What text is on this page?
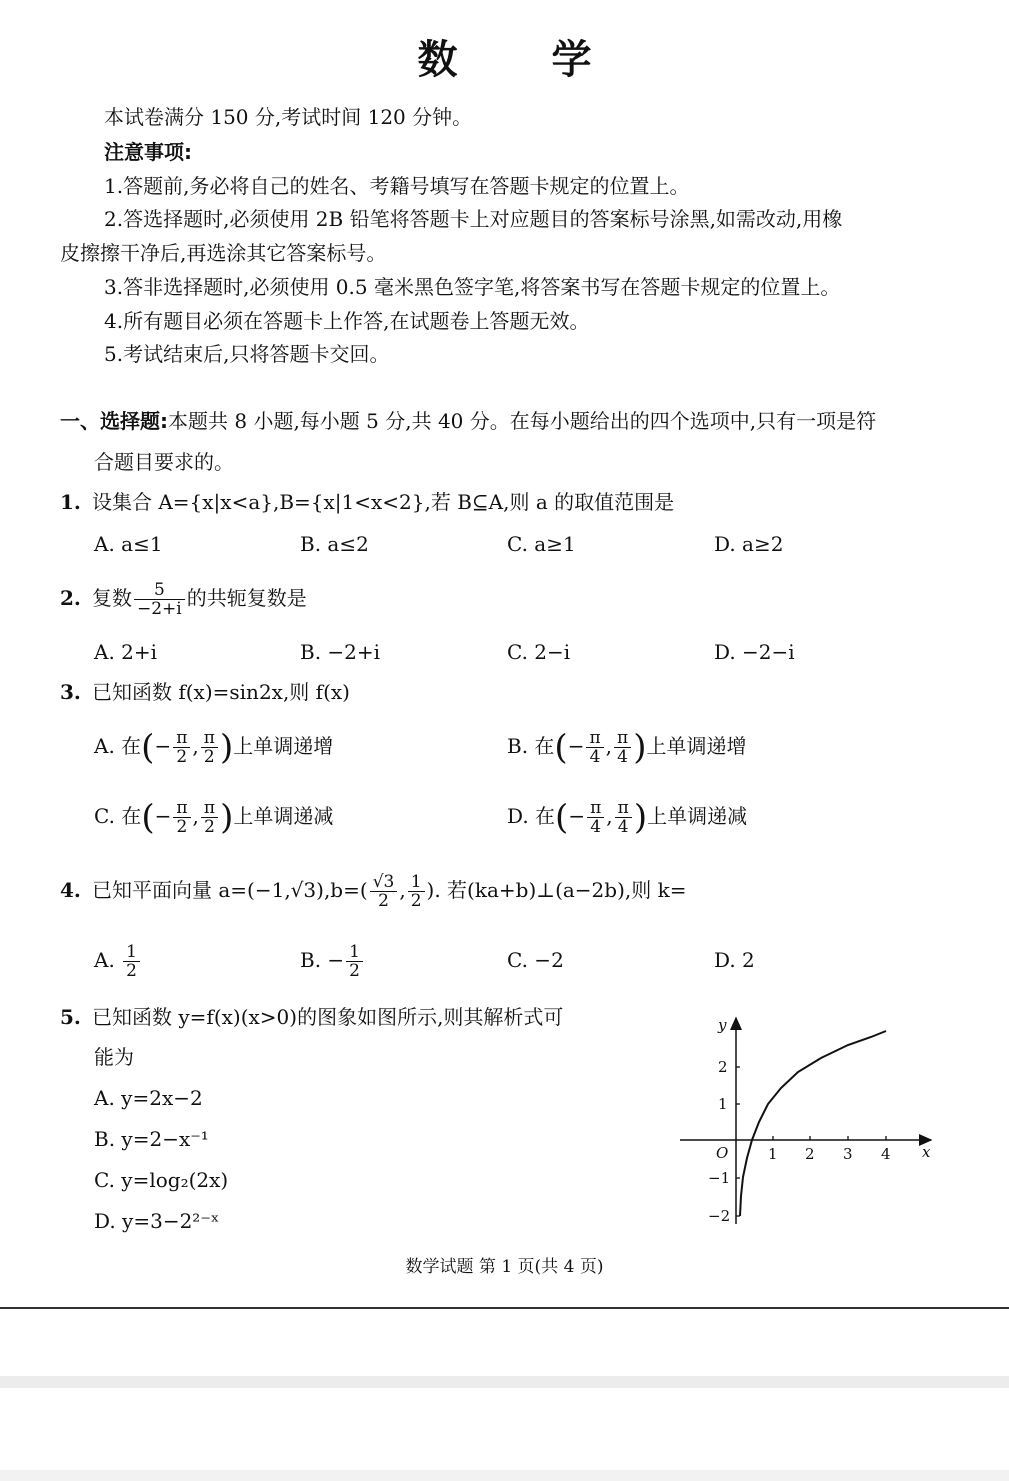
数 学
本试卷满分 150 分,考试时间 120 分钟。
注意事项:
1.答题前,务必将自己的姓名、考籍号填写在答题卡规定的位置上。
2.答选择题时,必须使用 2B 铅笔将答题卡上对应题目的答案标号涂黑,如需改动,用橡
皮擦擦干净后,再选涂其它答案标号。
3.答非选择题时,必须使用 0.5 毫米黑色签字笔,将答案书写在答题卡规定的位置上。
4.所有题目必须在答题卡上作答,在试题卷上答题无效。
5.考试结束后,只将答题卡交回。
一、选择题:本题共 8 小题,每小题 5 分,共 40 分。在每小题给出的四个选项中,只有一项是符
合题目要求的。
1. 设集合 A={x|x<a},B={x|1<x<2},若 B⊆A,则 a 的取值范围是
A. a≤1	B. a≤2	C. a≥1	D. a≥2
2. 复数 $\frac{5}{-2+i}$ 的共轭复数是
A. 2+i	B. −2+i	C. 2−i	D. −2−i
3. 已知函数 f(x)=sin2x,则 f(x)
A. 在(− $\frac{\pi}{2}$ , $\frac{\pi}{2}$ )上单调递增	B. 在(− $\frac{\pi}{4}$ , $\frac{\pi}{4}$ )上单调递增
C. 在(− $\frac{\pi}{2}$ , $\frac{\pi}{2}$ )上单调递减	D. 在(− $\frac{\pi}{4}$ , $\frac{\pi}{4}$ )上单调递减
4. 已知平面向量 $a=(-1,√3),b=( \frac{√3}{2}$ , $\frac{1}{2}$ ). 若(ka+b)⊥(a−2b),则 k=
A. $\frac{1}{2}$	B. − $\frac{1}{2}$	C. −2	D. 2
5. 已知函数 y=f(x)(x>0)的图象如图所示,则其解析式可
能为
A. y=2x−2
B. y=2−x⁻¹
C. y=log₂(2x)
D. y=3−2²⁻ˣ
y
x
O	1 2 3 4
2
1
−1
−2
数学试题 第 1 页(共 4 页)
